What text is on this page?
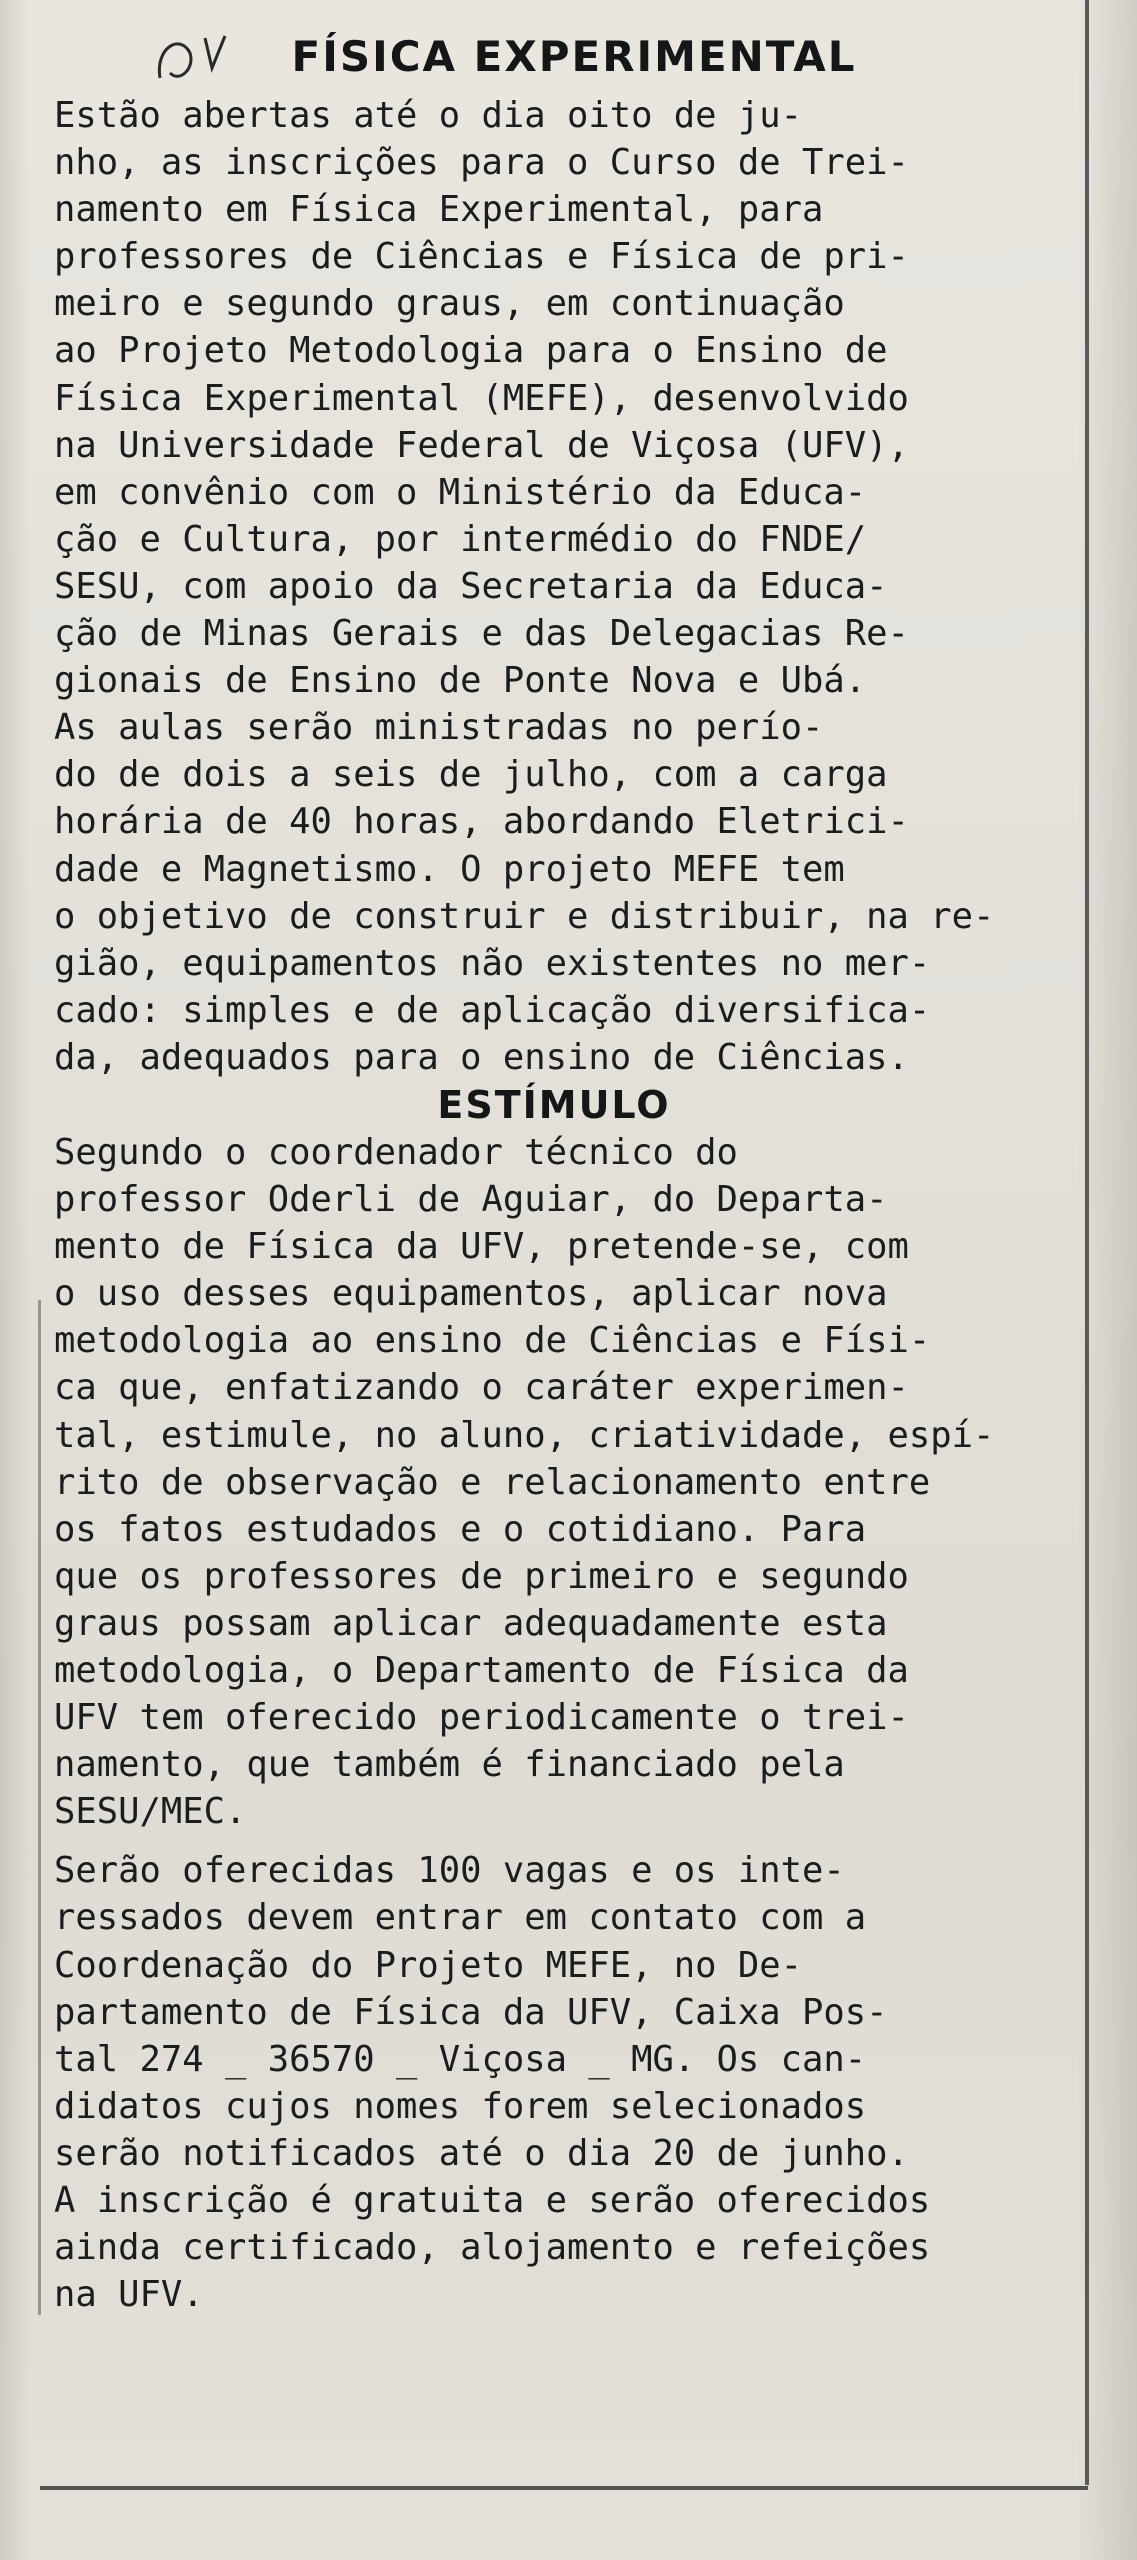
FÍSICA EXPERIMENTAL
Estão abertas até o dia oito de ju-
nho, as inscrições para o Curso de Trei-
namento em Física Experimental, para
professores de Ciências e Física de pri-
meiro e segundo graus, em continuação
ao Projeto Metodologia para o Ensino de
Física Experimental (MEFE), desenvolvido
na Universidade Federal de Viçosa (UFV),
em convênio com o Ministério da Educa-
ção e Cultura, por intermédio do FNDE/
SESU, com apoio da Secretaria da Educa-
ção de Minas Gerais e das Delegacias Re-
gionais de Ensino de Ponte Nova e Ubá.
As aulas serão ministradas no perío-
do de dois a seis de julho, com a carga
horária de 40 horas, abordando Eletrici-
dade e Magnetismo. O projeto MEFE tem
o objetivo de construir e distribuir, na re-
gião, equipamentos não existentes no mer-
cado: simples e de aplicação diversifica-
da, adequados para o ensino de Ciências.
ESTÍMULO
Segundo o coordenador técnico do
professor Oderli de Aguiar, do Departa-
mento de Física da UFV, pretende-se, com
o uso desses equipamentos, aplicar nova
metodologia ao ensino de Ciências e Físi-
ca que, enfatizando o caráter experimen-
tal, estimule, no aluno, criatividade, espí-
rito de observação e relacionamento entre
os fatos estudados e o cotidiano. Para
que os professores de primeiro e segundo
graus possam aplicar adequadamente esta
metodologia, o Departamento de Física da
UFV tem oferecido periodicamente o trei-
namento, que também é financiado pela
SESU/MEC.
Serão oferecidas 100 vagas e os inte-
ressados devem entrar em contato com a
Coordenação do Projeto MEFE, no De-
partamento de Física da UFV, Caixa Pos-
tal 274 _ 36570 _ Viçosa _ MG. Os can-
didatos cujos nomes forem selecionados
serão notificados até o dia 20 de junho.
A inscrição é gratuita e serão oferecidos
ainda certificado, alojamento e refeições
na UFV.
